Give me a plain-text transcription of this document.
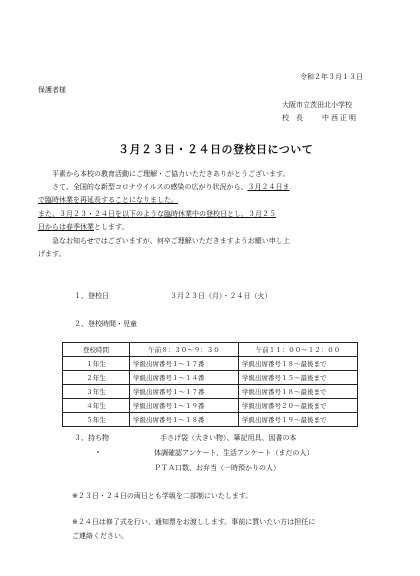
令和２年３月１３日
保護者様
大阪市立茨田北小学校
校　長	中西正明
３月２３日・２４日の登校日について
平素から本校の教育活動にご理解・ご協力いただきありがとうございます。
さて、全国的な新型コロナウイルスの感染の広がり状況から、３月２４日ま
で臨時休業を再延長することになりました。
また、３月２３・２４日を以下のような臨時休業中の登校日とし、３月２５
日からは春季休業とします。
急なお知らせではございますが、何卒ご理解いただきますようお願い申し上
げます。
１、登校日	３月２３日（月）・２４日（火）
２、登校時間・児童
登校時間	午前８：３０〜９：３０	午前１１：００〜１２：００
１年生	学級出席番号１〜１７番	学級出席番号１８〜最後まで
２年生	学級出席番号１〜１４番	学級出席番号１５〜最後まで
３年生	学級出席番号１〜１７番	学級出席番号１８〜最後まで
４年生	学級出席番号１〜１９番	学級出席番号２０〜最後まで
５年生	学級出席番号１〜１８番	学級出席番号１９〜最後まで
３、持ち物	手さげ袋（大きい物）、筆記用具、図書の本
体調確認アンケート、生活アンケート（まだの人）
ＰＴＡ口数、お弁当（一時預かりの人）
※２３日・２４日の両日とも学級を二部制にいたします。
※２４日は修了式を行い、通知票をお渡しします。事前に質いたい方は担任に
ご連絡ください。
